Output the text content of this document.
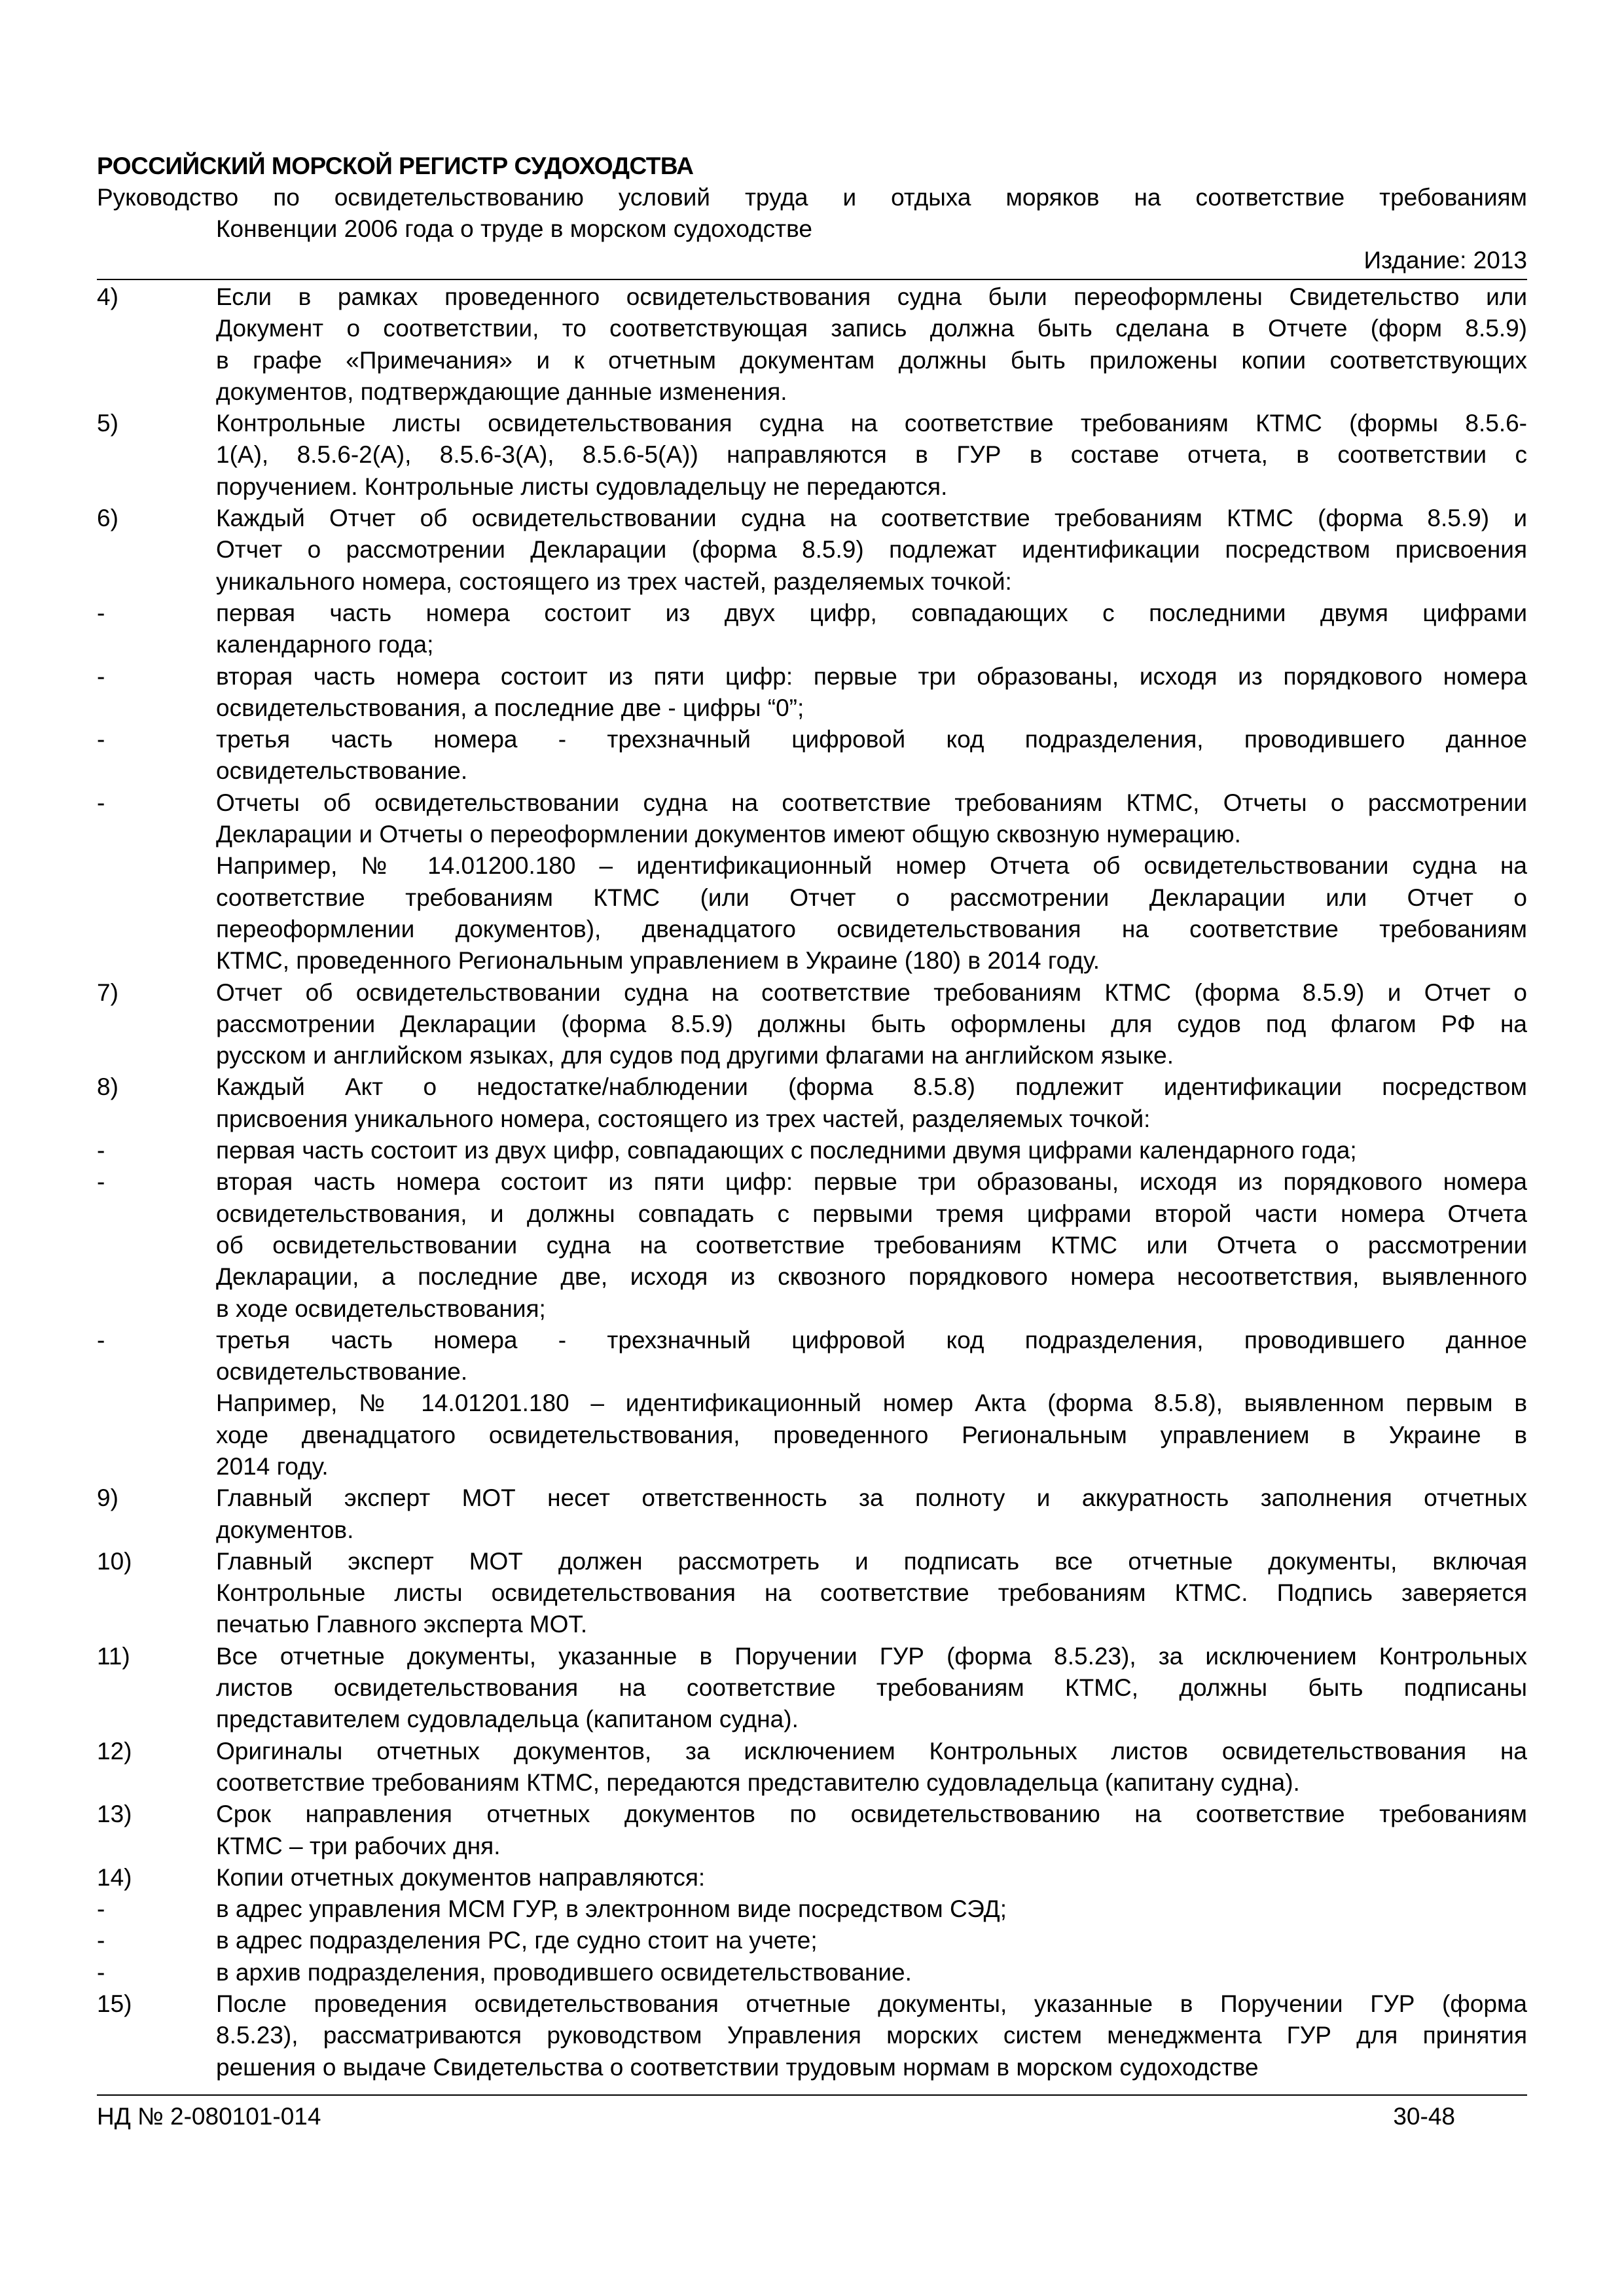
РОССИЙСКИЙ МОРСКОЙ РЕГИСТР СУДОХОДСТВА
Руководство по освидетельствованию условий труда и отдыха моряков на соответствие требованиям
Конвенции 2006 года о труде в морском судоходстве
Издание: 2013
4)	Если в рамках проведенного освидетельствования судна были переоформлены Свидетельство или
Документ о соответствии, то соответствующая запись должна быть сделана в Отчете (форм 8.5.9)
в графе «Примечания» и к отчетным документам должны быть приложены копии соответствующих
документов, подтверждающие данные изменения.
5)	Контрольные листы освидетельствования судна на соответствие требованиям КТМС (формы 8.5.6-
1(А), 8.5.6-2(А), 8.5.6-3(А), 8.5.6-5(А)) направляются в ГУР в составе отчета, в соответствии с
поручением. Контрольные листы судовладельцу не передаются.
6)	Каждый Отчет об освидетельствовании судна на соответствие требованиям КТМС (форма 8.5.9) и
Отчет о рассмотрении Декларации (форма 8.5.9) подлежат идентификации посредством присвоения
уникального номера, состоящего из трех частей, разделяемых точкой:
-	первая часть номера состоит из двух цифр, совпадающих с последними двумя цифрами
календарного года;
-	вторая часть номера состоит из пяти цифр: первые три образованы, исходя из порядкового номера
освидетельствования, а последние две - цифры “0”;
-	третья часть номера - трехзначный цифровой код подразделения, проводившего данное
освидетельствование.
-	Отчеты об освидетельствовании судна на соответствие требованиям КТМС, Отчеты о рассмотрении
Декларации и Отчеты о переоформлении документов имеют общую сквозную нумерацию.
Например, № 14.01200.180 – идентификационный номер Отчета об освидетельствовании судна на
соответствие требованиям КТМС (или Отчет о рассмотрении Декларации или Отчет о
переоформлении документов), двенадцатого освидетельствования на соответствие требованиям
КТМС, проведенного Региональным управлением в Украине (180) в 2014 году.
7)	Отчет об освидетельствовании судна на соответствие требованиям КТМС (форма 8.5.9) и Отчет о
рассмотрении Декларации (форма 8.5.9) должны быть оформлены для судов под флагом РФ на
русском и английском языках, для судов под другими флагами на английском языке.
8)	Каждый Акт о недостатке/наблюдении (форма 8.5.8) подлежит идентификации посредством
присвоения уникального номера, состоящего из трех частей, разделяемых точкой:
-	первая часть состоит из двух цифр, совпадающих с последними двумя цифрами календарного года;
-	вторая часть номера состоит из пяти цифр: первые три образованы, исходя из порядкового номера
освидетельствования, и должны совпадать с первыми тремя цифрами второй части номера Отчета
об освидетельствовании судна на соответствие требованиям КТМС или Отчета о рассмотрении
Декларации, а последние две, исходя из сквозного порядкового номера несоответствия, выявленного
в ходе освидетельствования;
-	третья часть номера - трехзначный цифровой код подразделения, проводившего данное
освидетельствование.
Например, № 14.01201.180 – идентификационный номер Акта (форма 8.5.8), выявленном первым в
ходе двенадцатого освидетельствования, проведенного Региональным управлением в Украине в
2014 году.
9)	Главный эксперт МОТ несет ответственность за полноту и аккуратность заполнения отчетных
документов.
10)	Главный эксперт МОТ должен рассмотреть и подписать все отчетные документы, включая
Контрольные листы освидетельствования на соответствие требованиям КТМС. Подпись заверяется
печатью Главного эксперта МОТ.
11)	Все отчетные документы, указанные в Поручении ГУР (форма 8.5.23), за исключением Контрольных
листов освидетельствования на соответствие требованиям КТМС, должны быть подписаны
представителем судовладельца (капитаном судна).
12)	Оригиналы отчетных документов, за исключением Контрольных листов освидетельствования на
соответствие требованиям КТМС, передаются представителю судовладельца (капитану судна).
13)	Срок направления отчетных документов по освидетельствованию на соответствие требованиям
КТМС – три рабочих дня.
14)	Копии отчетных документов направляются:
-	в адрес управления МСМ ГУР, в электронном виде посредством СЭД;
-	в адрес подразделения РС, где судно стоит на учете;
-	в архив подразделения, проводившего освидетельствование.
15)	После проведения освидетельствования отчетные документы, указанные в Поручении ГУР (форма
8.5.23), рассматриваются руководством Управления морских систем менеджмента ГУР для принятия
решения о выдаче Свидетельства о соответствии трудовым нормам в морском судоходстве
НД № 2-080101-014	30-48
